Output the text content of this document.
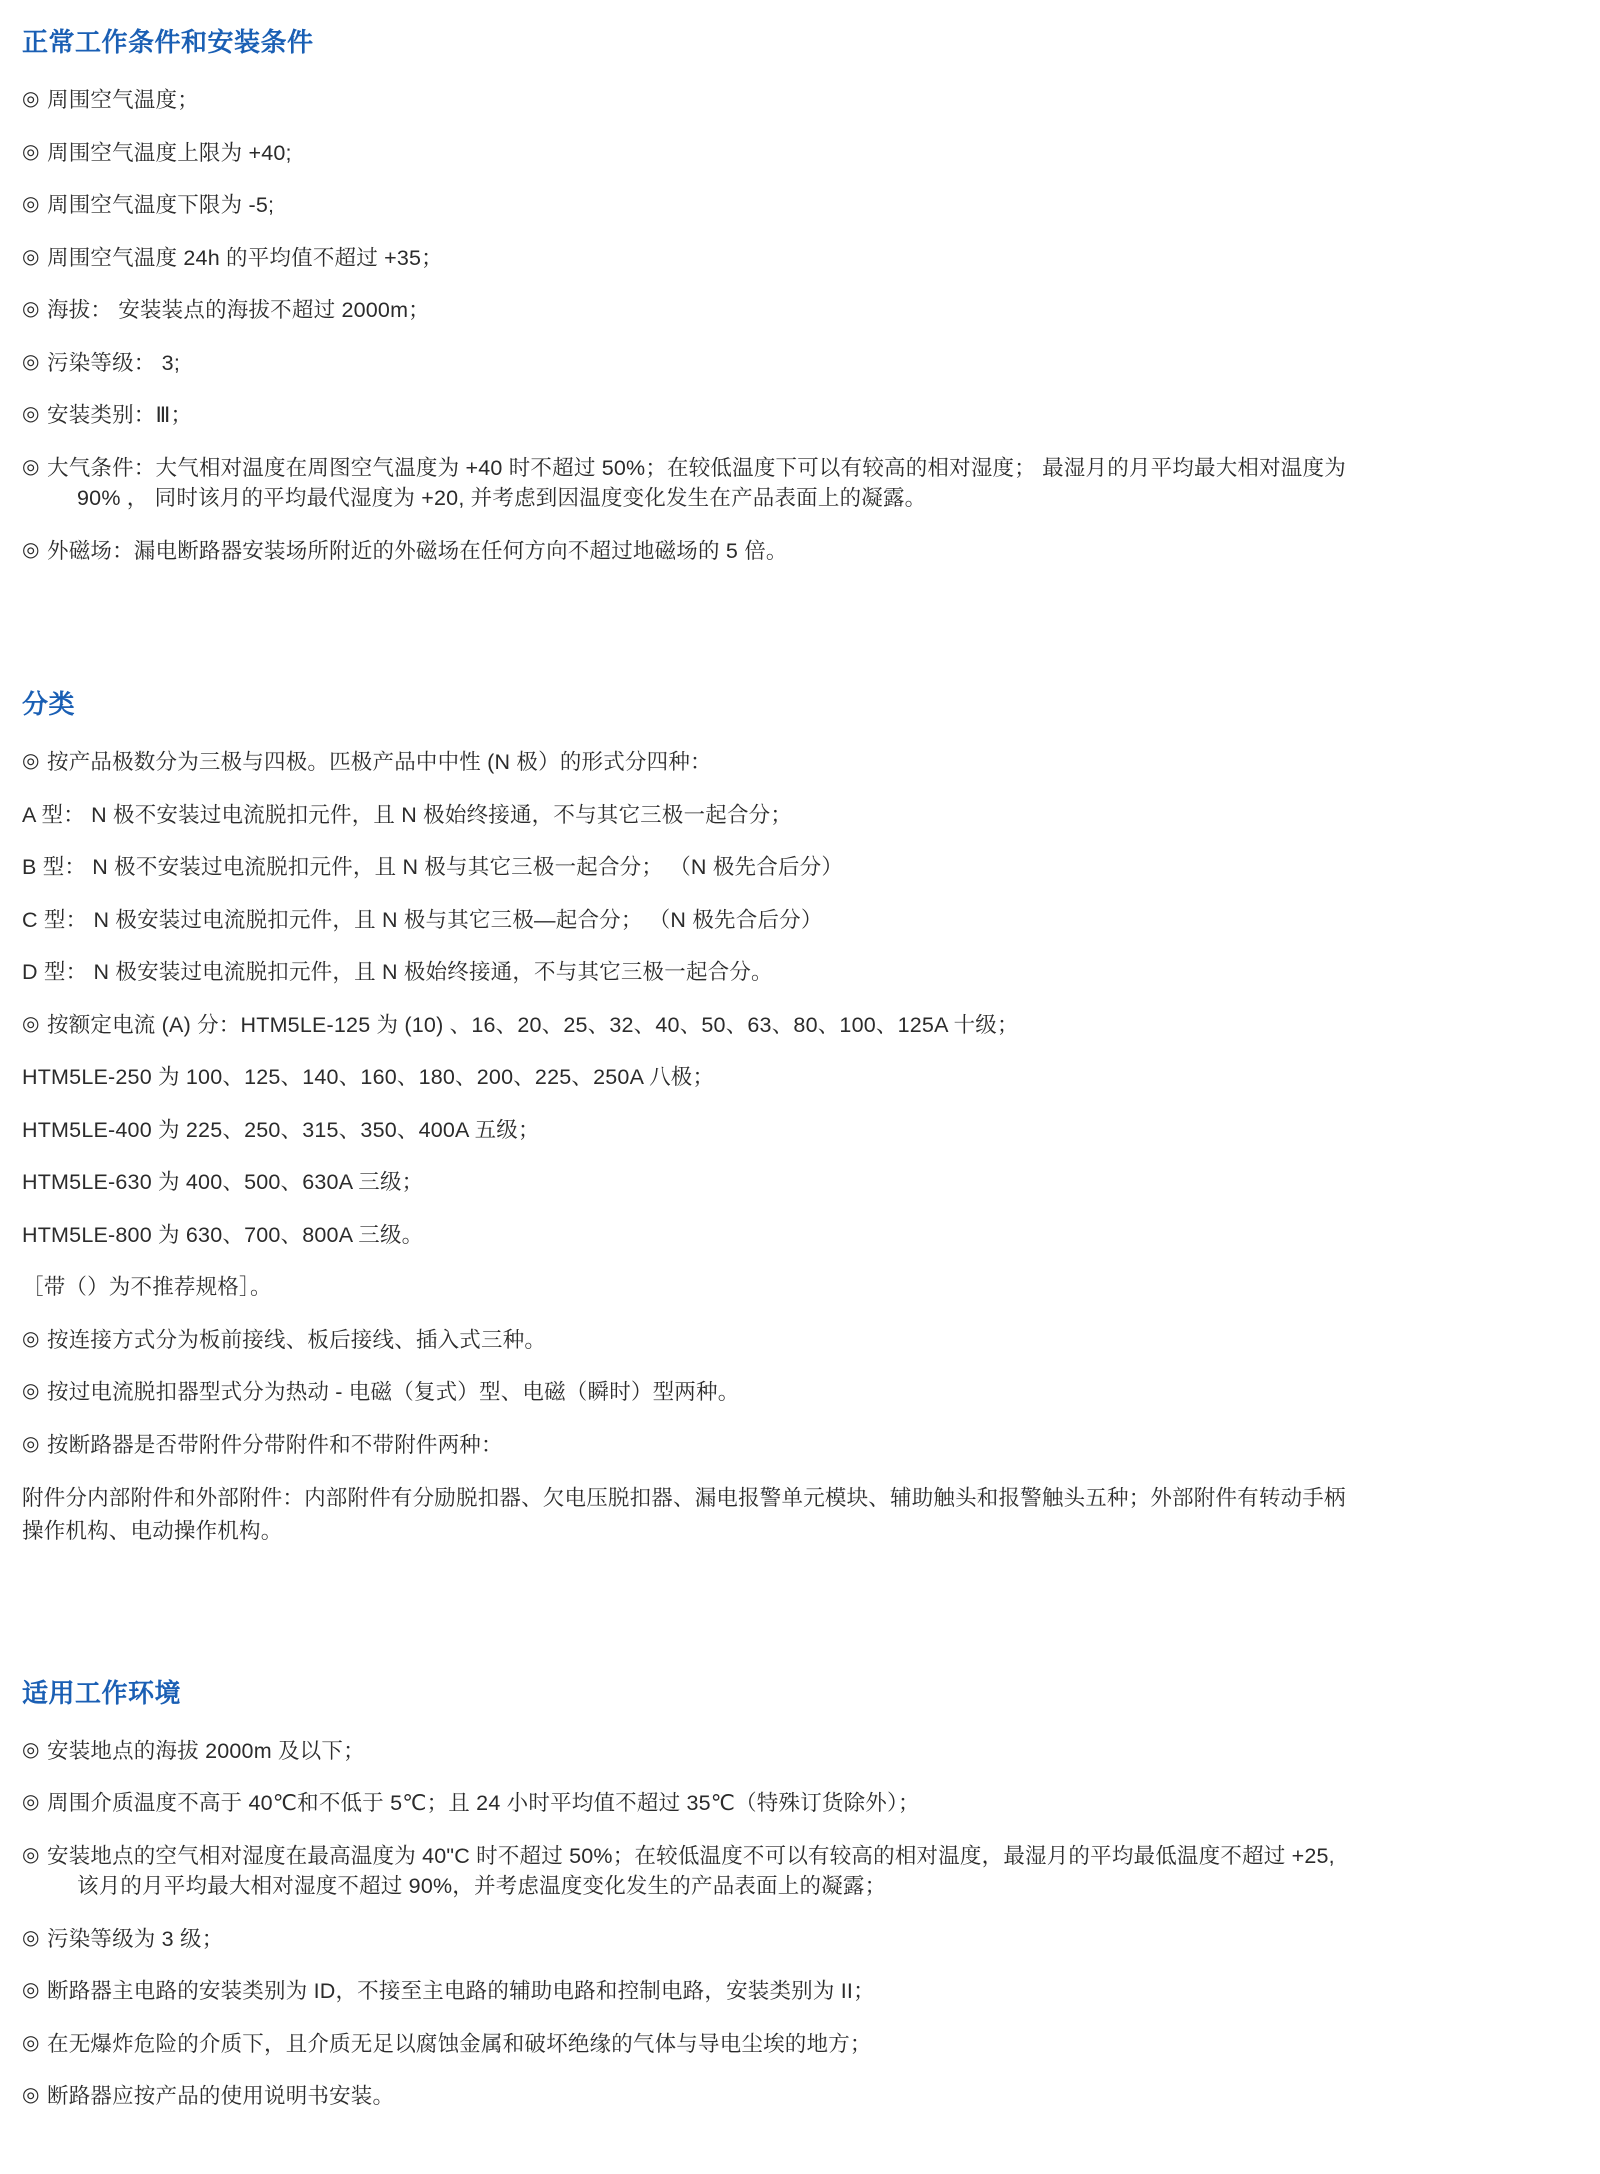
正常工作条件和安装条件
◎ 周围空气温度；
◎ 周围空气温度上限为 +40;
◎ 周围空气温度下限为 -5;
◎ 周围空气温度 24h 的平均值不超过 +35；
◎ 海拔： 安装装点的海拔不超过 2000m；
◎ 污染等级： 3;
◎ 安装类别：Ⅲ；
◎ 大气条件：大气相对温度在周图空气温度为 +40 时不超过 50%；在较低温度下可以有较高的相对湿度； 最湿月的月平均最大相对温度为
90% ， 同时该月的平均最代湿度为 +20, 并考虑到因温度变化发生在产品表面上的凝露。
◎ 外磁场：漏电断路器安装场所附近的外磁场在任何方向不超过地磁场的 5 倍。
分类
◎ 按产品极数分为三极与四极。匹极产品中中性 (N 极）的形式分四种：

A 型： N 极不安装过电流脱扣元件，且 N 极始终接通，不与其它三极一起合分；

B 型： N 极不安装过电流脱扣元件，且 N 极与其它三极一起合分； （N 极先合后分）

C 型： N 极安装过电流脱扣元件，且 N 极与其它三极—起合分； （N 极先合后分）

D 型： N 极安装过电流脱扣元件，且 N 极始终接通，不与其它三极一起合分。

◎ 按额定电流 (A) 分：HTM5LE-125 为 (10) 、16、20、25、32、40、50、63、80、100、125A 十级；

HTM5LE-250 为 100、125、140、160、180、200、225、250A 八极；

HTM5LE-400 为 225、250、315、350、400A 五级；

HTM5LE-630 为 400、500、630A 三级；

HTM5LE-800 为 630、700、800A 三级。

［带（）为不推荐规格］。

◎ 按连接方式分为板前接线、板后接线、插入式三种。
◎ 按过电流脱扣器型式分为热动 - 电磁（复式）型、电磁（瞬时）型两种。
◎ 按断路器是否带附件分带附件和不带附件两种：
附件分内部附件和外部附件：内部附件有分励脱扣器、欠电压脱扣器、漏电报警单元模块、辅助触头和报警触头五种；外部附件有转动手柄
操作机构、电动操作机构。
适用工作环境
◎ 安装地点的海拔 2000m 及以下；
◎ 周围介质温度不高于 40℃和不低于 5℃；且 24 小时平均值不超过 35℃（特殊订货除外）；
◎ 安装地点的空气相对湿度在最高温度为 40"C 时不超过 50%；在较低温度不可以有较高的相对温度，最湿月的平均最低温度不超过 +25,
该月的月平均最大相对湿度不超过 90%，并考虑温度变化发生的产品表面上的凝露；
◎ 污染等级为 3 级；
◎ 断路器主电路的安装类别为 ID，不接至主电路的辅助电路和控制电路，安装类别为 II；
◎ 在无爆炸危险的介质下，且介质无足以腐蚀金属和破坏绝缘的气体与导电尘埃的地方；
◎ 断路器应按产品的使用说明书安装。
